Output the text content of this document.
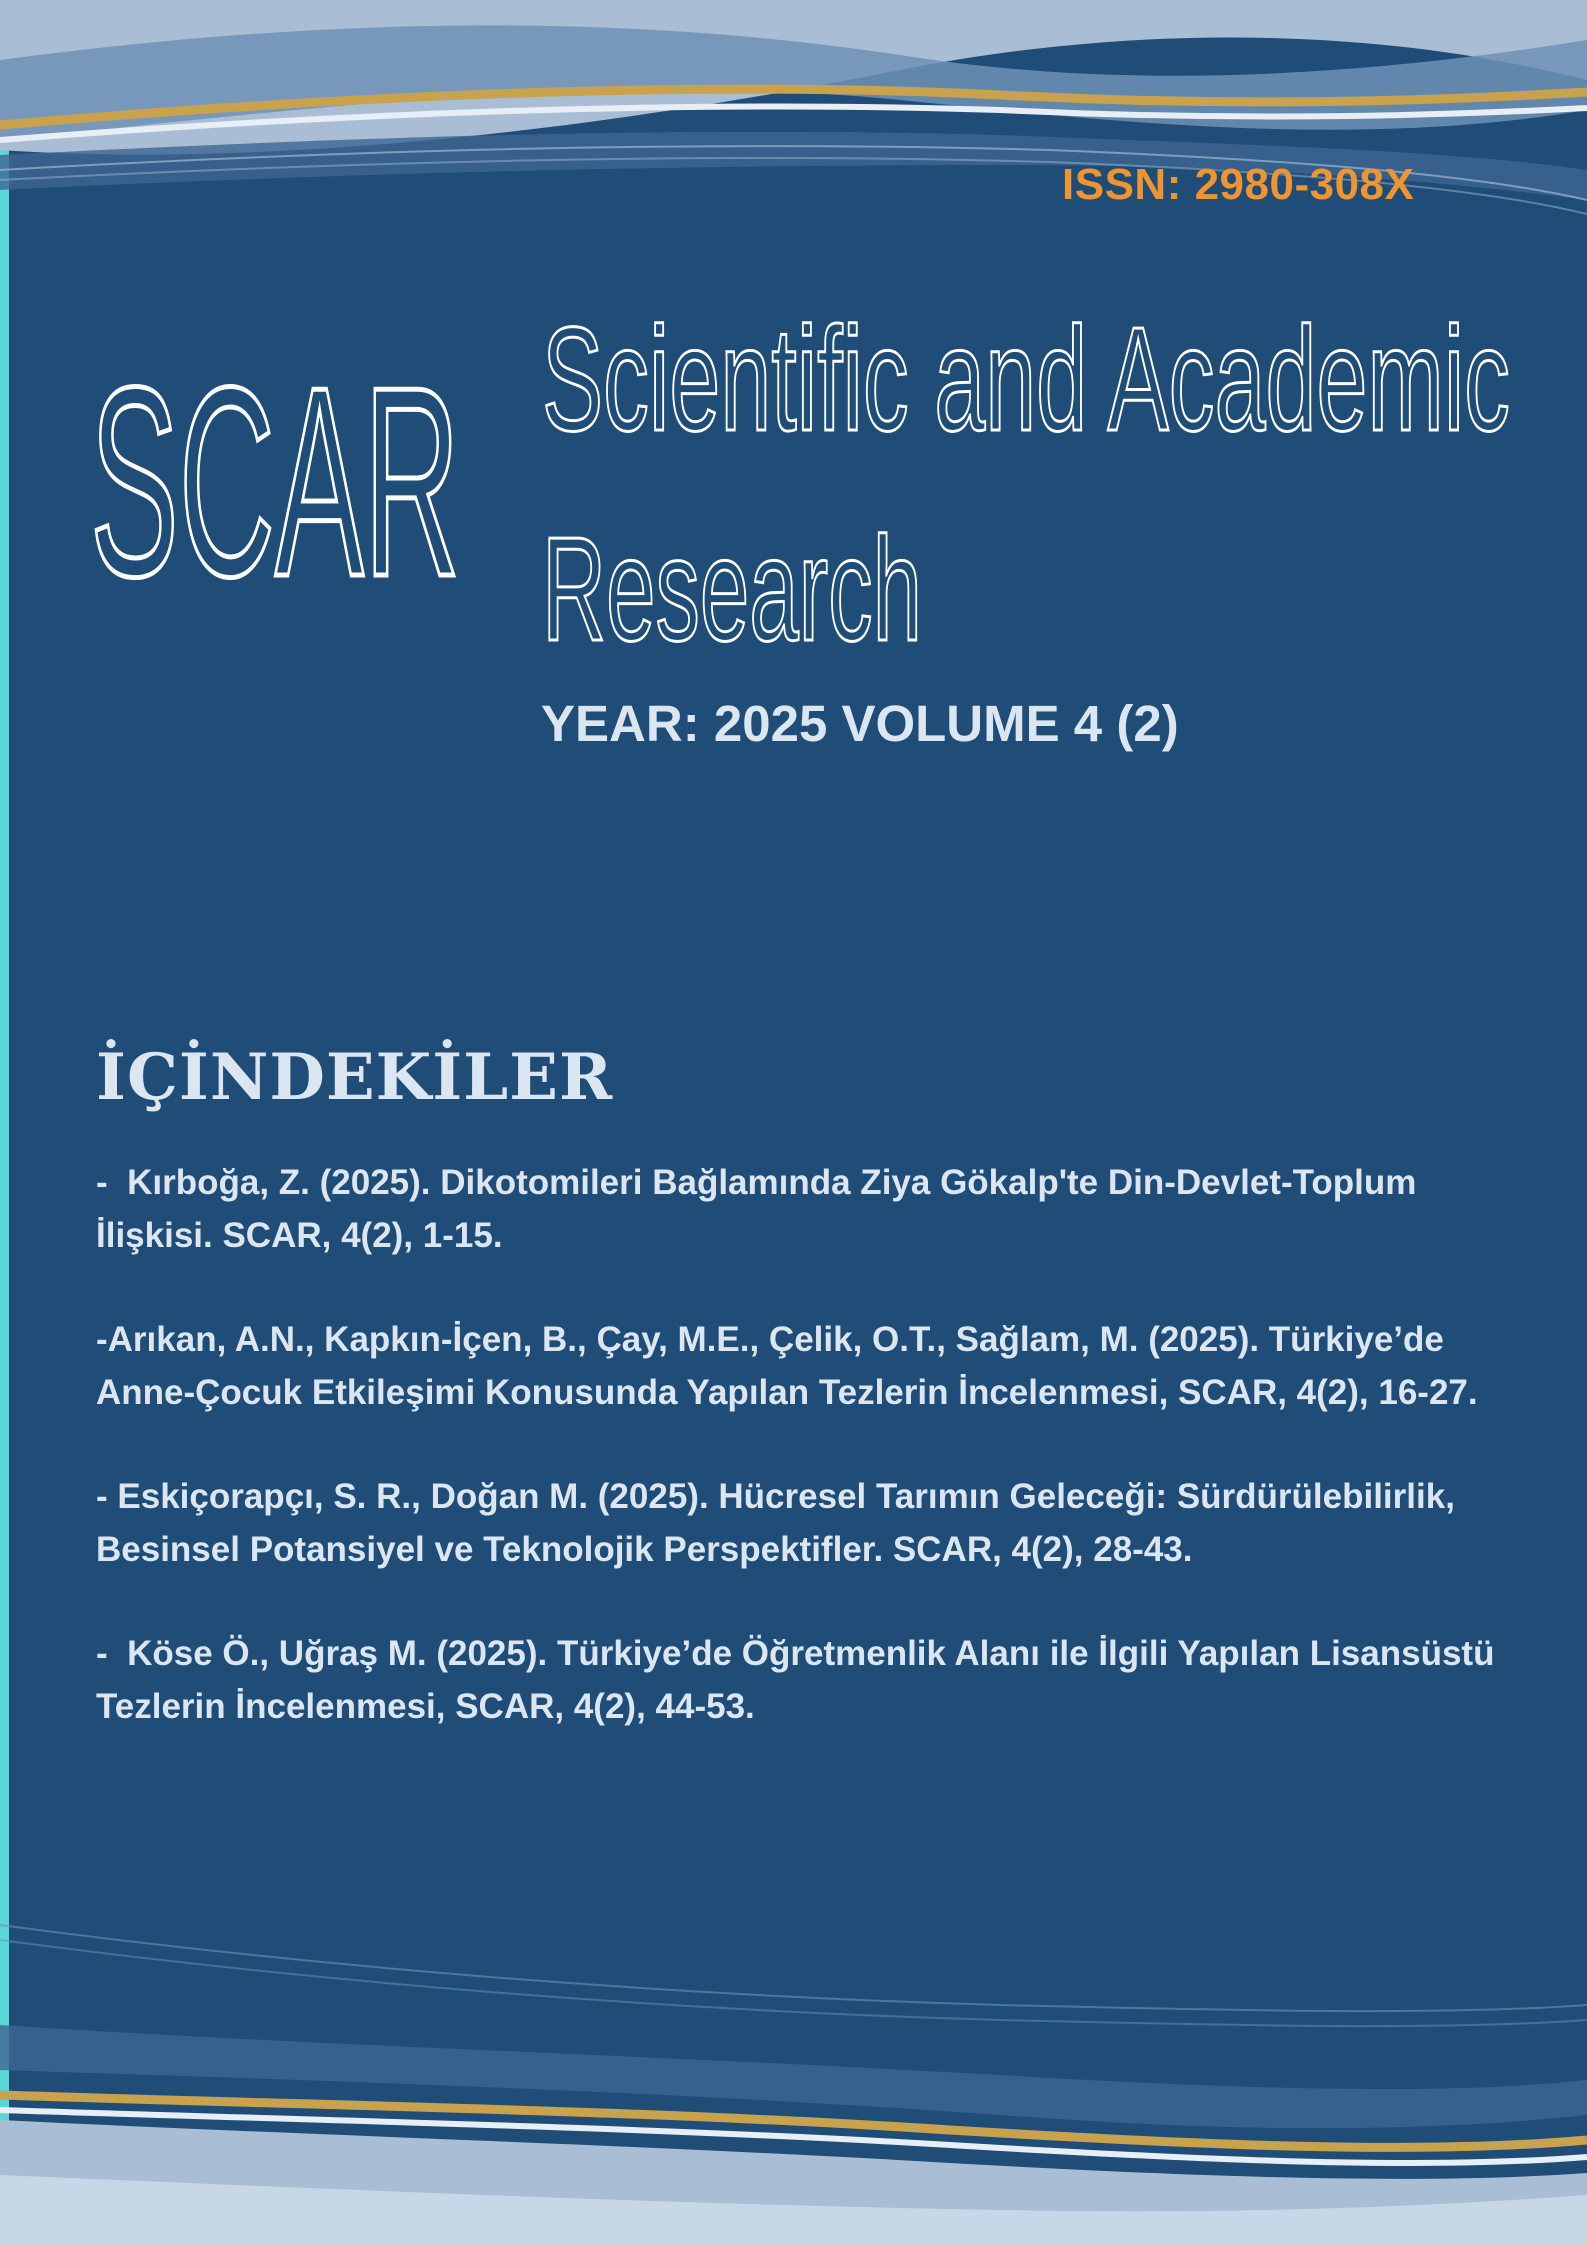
ISSN: 2980-308X
SCAR Scientific and Academic
Research
YEAR: 2025 VOLUME 4 (2)
İÇİNDEKİLER
-  Kırboğa, Z. (2025). Dikotomileri Bağlamında Ziya Gökalp'te Din-Devlet-Toplum
İlişkisi. SCAR, 4(2), 1-15.
-Arıkan, A.N., Kapkın-İçen, B., Çay, M.E., Çelik, O.T., Sağlam, M. (2025). Türkiye’de
Anne-Çocuk Etkileşimi Konusunda Yapılan Tezlerin İncelenmesi, SCAR, 4(2), 16-27.
- Eskiçorapçı, S. R., Doğan M. (2025). Hücresel Tarımın Geleceği: Sürdürülebilirlik,
Besinsel Potansiyel ve Teknolojik Perspektifler. SCAR, 4(2), 28-43.
-  Köse Ö., Uğraş M. (2025). Türkiye’de Öğretmenlik Alanı ile İlgili Yapılan Lisansüstü
Tezlerin İncelenmesi, SCAR, 4(2), 44-53.
